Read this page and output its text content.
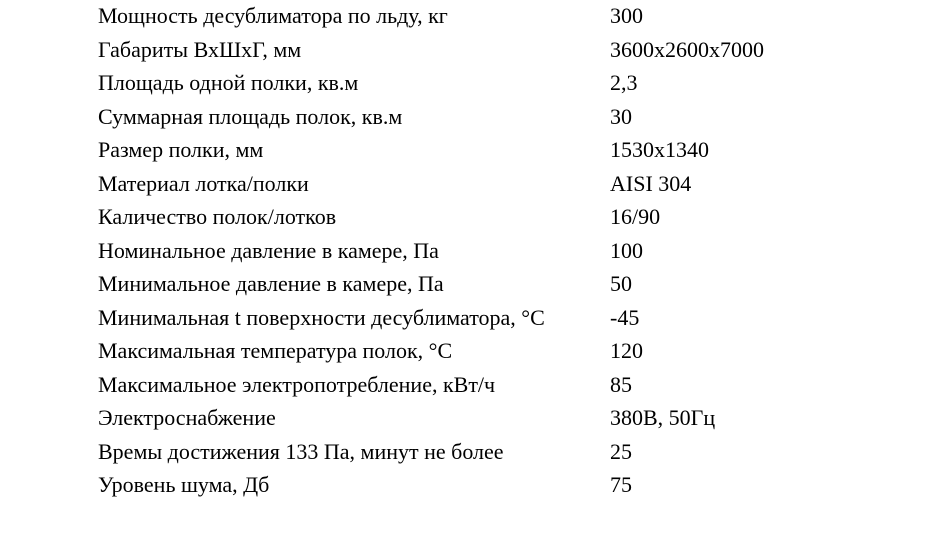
Мощность десублиматора по льду, кг	300
Габариты ВхШхГ, мм	3600х2600х7000
Площадь одной полки, кв.м	2,3
Суммарная площадь полок, кв.м	30
Размер полки, мм	1530х1340
Материал лотка/полки	AISI 304
Каличество полок/лотков	16/90
Номинальное давление в камере, Па	100
Минимальное давление в камере, Па	50
Минимальная t поверхности десублиматора, °C	-45
Максимальная температура полок, °C	120
Максимальное электропотребление, кВт/ч	85
Электроснабжение	380В, 50Гц
Времы достижения 133 Па, минут не более	25
Уровень шума, Дб	75
